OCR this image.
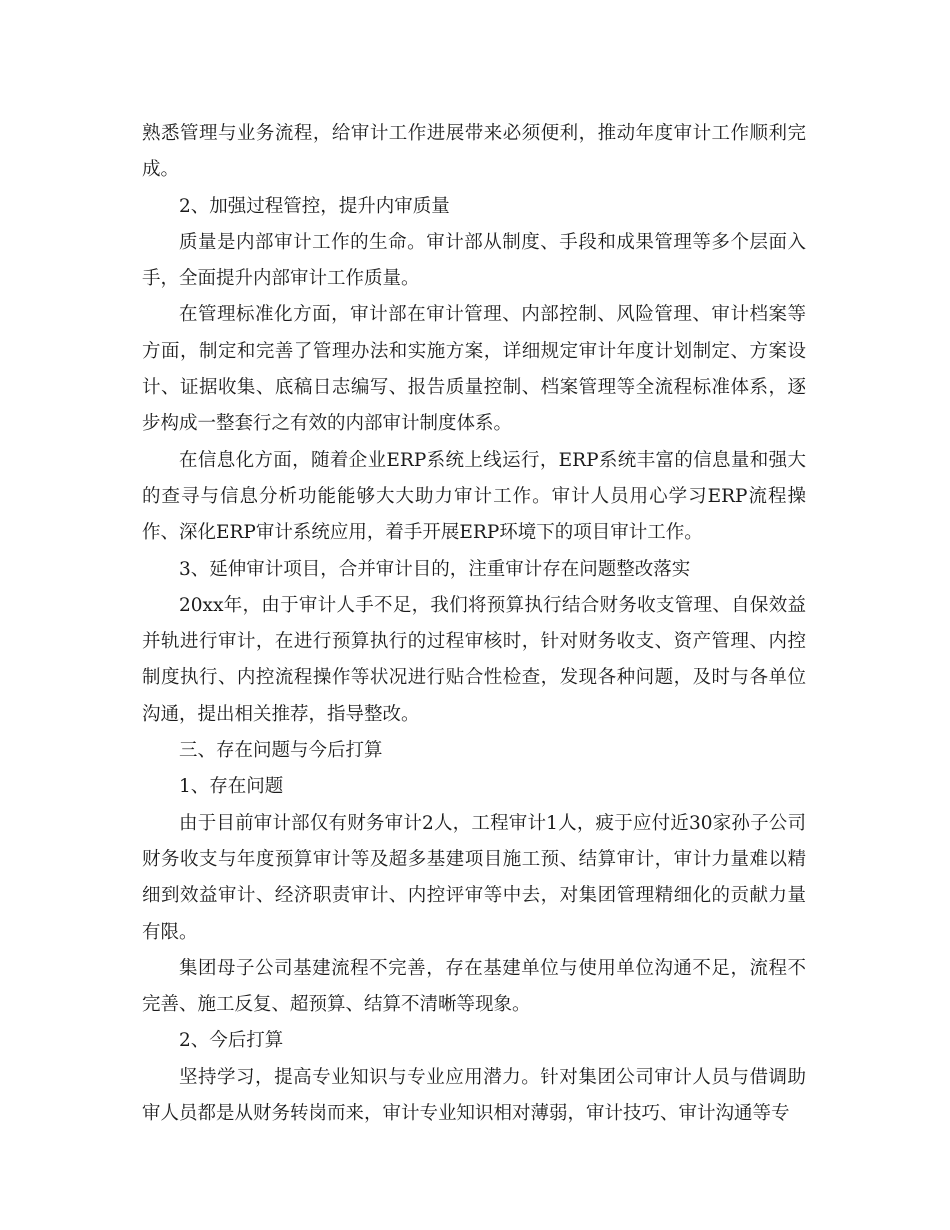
熟悉管理与业务流程，给审计工作进展带来必须便利，推动年度审计工作顺利完成。

2、加强过程管控，提升内审质量

质量是内部审计工作的生命。审计部从制度、手段和成果管理等多个层面入手，全面提升内部审计工作质量。

在管理标准化方面，审计部在审计管理、内部控制、风险管理、审计档案等方面，制定和完善了管理办法和实施方案，详细规定审计年度计划制定、方案设计、证据收集、底稿日志编写、报告质量控制、档案管理等全流程标准体系，逐步构成一整套行之有效的内部审计制度体系。

在信息化方面，随着企业ERP系统上线运行，ERP系统丰富的信息量和强大的查寻与信息分析功能能够大大助力审计工作。审计人员用心学习ERP流程操作、深化ERP审计系统应用，着手开展ERP环境下的项目审计工作。

3、延伸审计项目，合并审计目的，注重审计存在问题整改落实

20xx年，由于审计人手不足，我们将预算执行结合财务收支管理、自保效益并轨进行审计，在进行预算执行的过程审核时，针对财务收支、资产管理、内控制度执行、内控流程操作等状况进行贴合性检查，发现各种问题，及时与各单位沟通，提出相关推荐，指导整改。

三、存在问题与今后打算

1、存在问题

由于目前审计部仅有财务审计2人，工程审计1人，疲于应付近30家孙子公司财务收支与年度预算审计等及超多基建项目施工预、结算审计，审计力量难以精细到效益审计、经济职责审计、内控评审等中去，对集团管理精细化的贡献力量有限。

集团母子公司基建流程不完善，存在基建单位与使用单位沟通不足，流程不完善、施工反复、超预算、结算不清晰等现象。

2、今后打算

坚持学习，提高专业知识与专业应用潜力。针对集团公司审计人员与借调助审人员都是从财务转岗而来，审计专业知识相对薄弱，审计技巧、审计沟通等专
